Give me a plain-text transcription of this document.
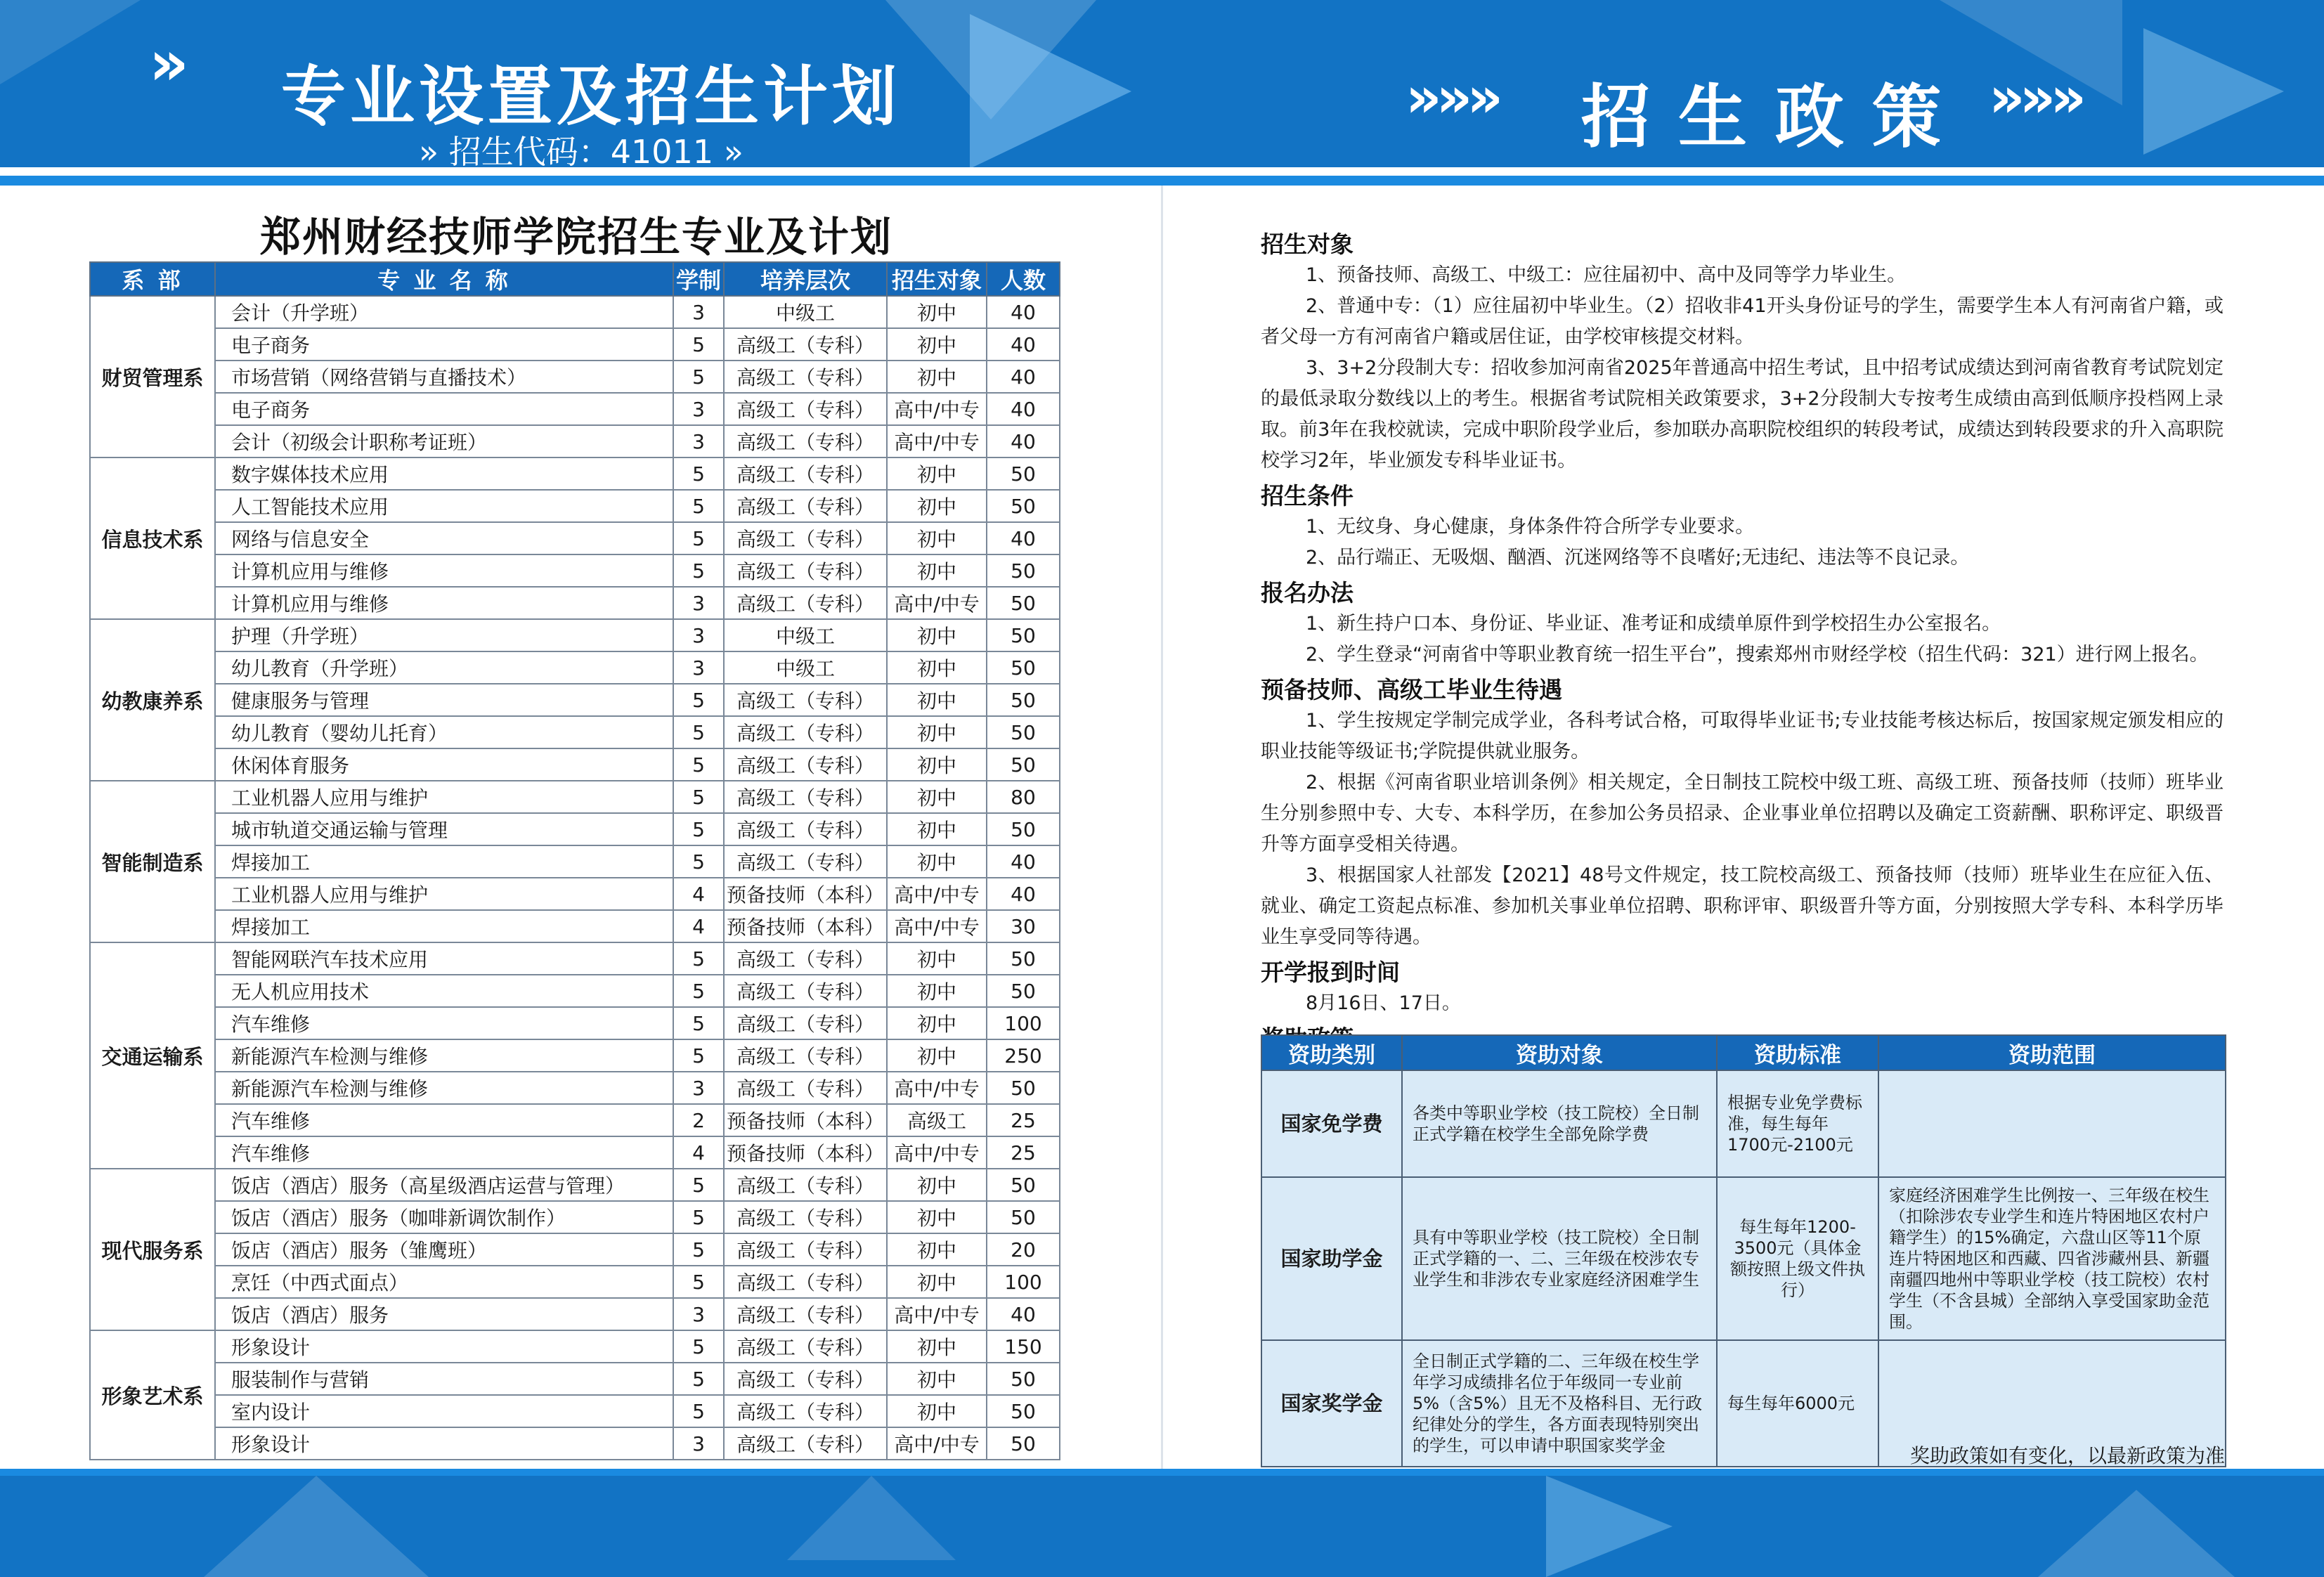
» 专业设置及招生计划
» 招生代码：41011 »
»»» 招生政策 »»»
郑州财经技师学院招生专业及计划
系 部	专 业 名 称	学制	培养层次	招生对象	人数
财贸管理系	会计（升学班）	3	中级工	初中	40
	电子商务	5	高级工（专科）	初中	40
	市场营销（网络营销与直播技术）	5	高级工（专科）	初中	40
	电子商务	3	高级工（专科）	高中/中专	40
	会计（初级会计职称考证班）	3	高级工（专科）	高中/中专	40
信息技术系	数字媒体技术应用	5	高级工（专科）	初中	50
	人工智能技术应用	5	高级工（专科）	初中	50
	网络与信息安全	5	高级工（专科）	初中	40
	计算机应用与维修	5	高级工（专科）	初中	50
	计算机应用与维修	3	高级工（专科）	高中/中专	50
幼教康养系	护理（升学班）	3	中级工	初中	50
	幼儿教育（升学班）	3	中级工	初中	50
	健康服务与管理	5	高级工（专科）	初中	50
	幼儿教育（婴幼儿托育）	5	高级工（专科）	初中	50
	休闲体育服务	5	高级工（专科）	初中	50
智能制造系	工业机器人应用与维护	5	高级工（专科）	初中	80
	城市轨道交通运输与管理	5	高级工（专科）	初中	50
	焊接加工	5	高级工（专科）	初中	40
	工业机器人应用与维护	4	预备技师（本科）	高中/中专	40
	焊接加工	4	预备技师（本科）	高中/中专	30
交通运输系	智能网联汽车技术应用	5	高级工（专科）	初中	50
	无人机应用技术	5	高级工（专科）	初中	50
	汽车维修	5	高级工（专科）	初中	100
	新能源汽车检测与维修	5	高级工（专科）	初中	250
	新能源汽车检测与维修	3	高级工（专科）	高中/中专	50
	汽车维修	2	预备技师（本科）	高级工	25
	汽车维修	4	预备技师（本科）	高中/中专	25
现代服务系	饭店（酒店）服务（高星级酒店运营与管理）	5	高级工（专科）	初中	50
	饭店（酒店）服务（咖啡新调饮制作）	5	高级工（专科）	初中	50
	饭店（酒店）服务（雏鹰班）	5	高级工（专科）	初中	20
	烹饪（中西式面点）	5	高级工（专科）	初中	100
	饭店（酒店）服务	3	高级工（专科）	高中/中专	40
形象艺术系	形象设计	5	高级工（专科）	初中	150
	服装制作与营销	5	高级工（专科）	初中	50
	室内设计	5	高级工（专科）	初中	50
	形象设计	3	高级工（专科）	高中/中专	50
招生对象
1、预备技师、高级工、中级工：应往届初中、高中及同等学力毕业生。
2、普通中专：（1）应往届初中毕业生。（2）招收非41开头身份证号的学生，需要学生本人有河南省户籍，或者父母一方有河南省户籍或居住证，由学校审核提交材料。
3、3+2分段制大专：招收参加河南省2025年普通高中招生考试，且中招考试成绩达到河南省教育考试院划定的最低录取分数线以上的考生。根据省考试院相关政策要求，3+2分段制大专按考生成绩由高到低顺序投档网上录取。前3年在我校就读，完成中职阶段学业后，参加联办高职院校组织的转段考试，成绩达到转段要求的升入高职院校学习2年，毕业颁发专科毕业证书。
招生条件
1、无纹身、身心健康，身体条件符合所学专业要求。
2、品行端正、无吸烟、酗酒、沉迷网络等不良嗜好;无违纪、违法等不良记录。
报名办法
1、新生持户口本、身份证、毕业证、准考证和成绩单原件到学校招生办公室报名。
2、学生登录“河南省中等职业教育统一招生平台”，搜索郑州市财经学校（招生代码：321）进行网上报名。
预备技师、高级工毕业生待遇
1、学生按规定学制完成学业，各科考试合格，可取得毕业证书;专业技能考核达标后，按国家规定颁发相应的职业技能等级证书;学院提供就业服务。
2、根据《河南省职业培训条例》相关规定，全日制技工院校中级工班、高级工班、预备技师（技师）班毕业生分别参照中专、大专、本科学历，在参加公务员招录、企业事业单位招聘以及确定工资薪酬、职称评定、职级晋升等方面享受相关待遇。
3、根据国家人社部发【2021】48号文件规定，技工院校高级工、预备技师（技师）班毕业生在应征入伍、就业、确定工资起点标准、参加机关事业单位招聘、职称评审、职级晋升等方面，分别按照大学专科、本科学历毕业生享受同等待遇。
开学报到时间
8月16日、17日。
资助类别	资助对象	资助标准	资助范围
国家免学费	各类中等职业学校（技工院校）全日制正式学籍在校学生全部免除学费	根据专业免学费标准，每生每年1700元-2100元	
国家助学金	具有中等职业学校（技工院校）全日制正式学籍的一、二、三年级在校涉农专业学生和非涉农专业家庭经济困难学生	每生每年1200-3500元（具体金额按照上级文件执行）	家庭经济困难学生比例按一、三年级在校生（扣除涉农专业学生和连片特困地区农村户籍学生）的15%确定，六盘山区等11个原连片特困地区和西藏、四省涉藏州县、新疆南疆四地州中等职业学校（技工院校）农村学生（不含县城）全部纳入享受国家助金范围。
国家奖学金	全日制正式学籍的二、三年级在校生学年学习成绩排名位于年级同一专业前5%（含5%）且无不及格科目、无行政纪律处分的学生，各方面表现特别突出的学生，可以申请中职国家奖学金	每生每年6000元	
奖助政策如有变化，以最新政策为准
